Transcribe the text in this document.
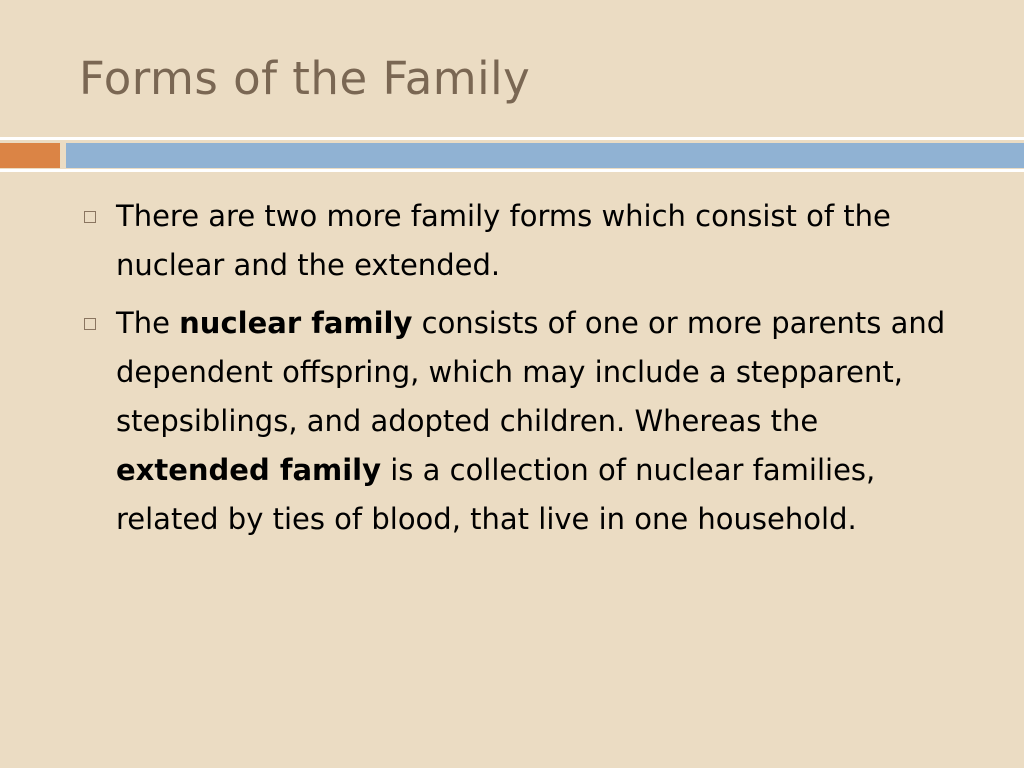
Forms of the Family
There are two more family forms which consist of the nuclear and the extended.
The nuclear family consists of one or more parents and dependent offspring, which may include a stepparent, stepsiblings, and adopted children. Whereas the extended family is a collection of nuclear families, related by ties of blood, that live in one household.
